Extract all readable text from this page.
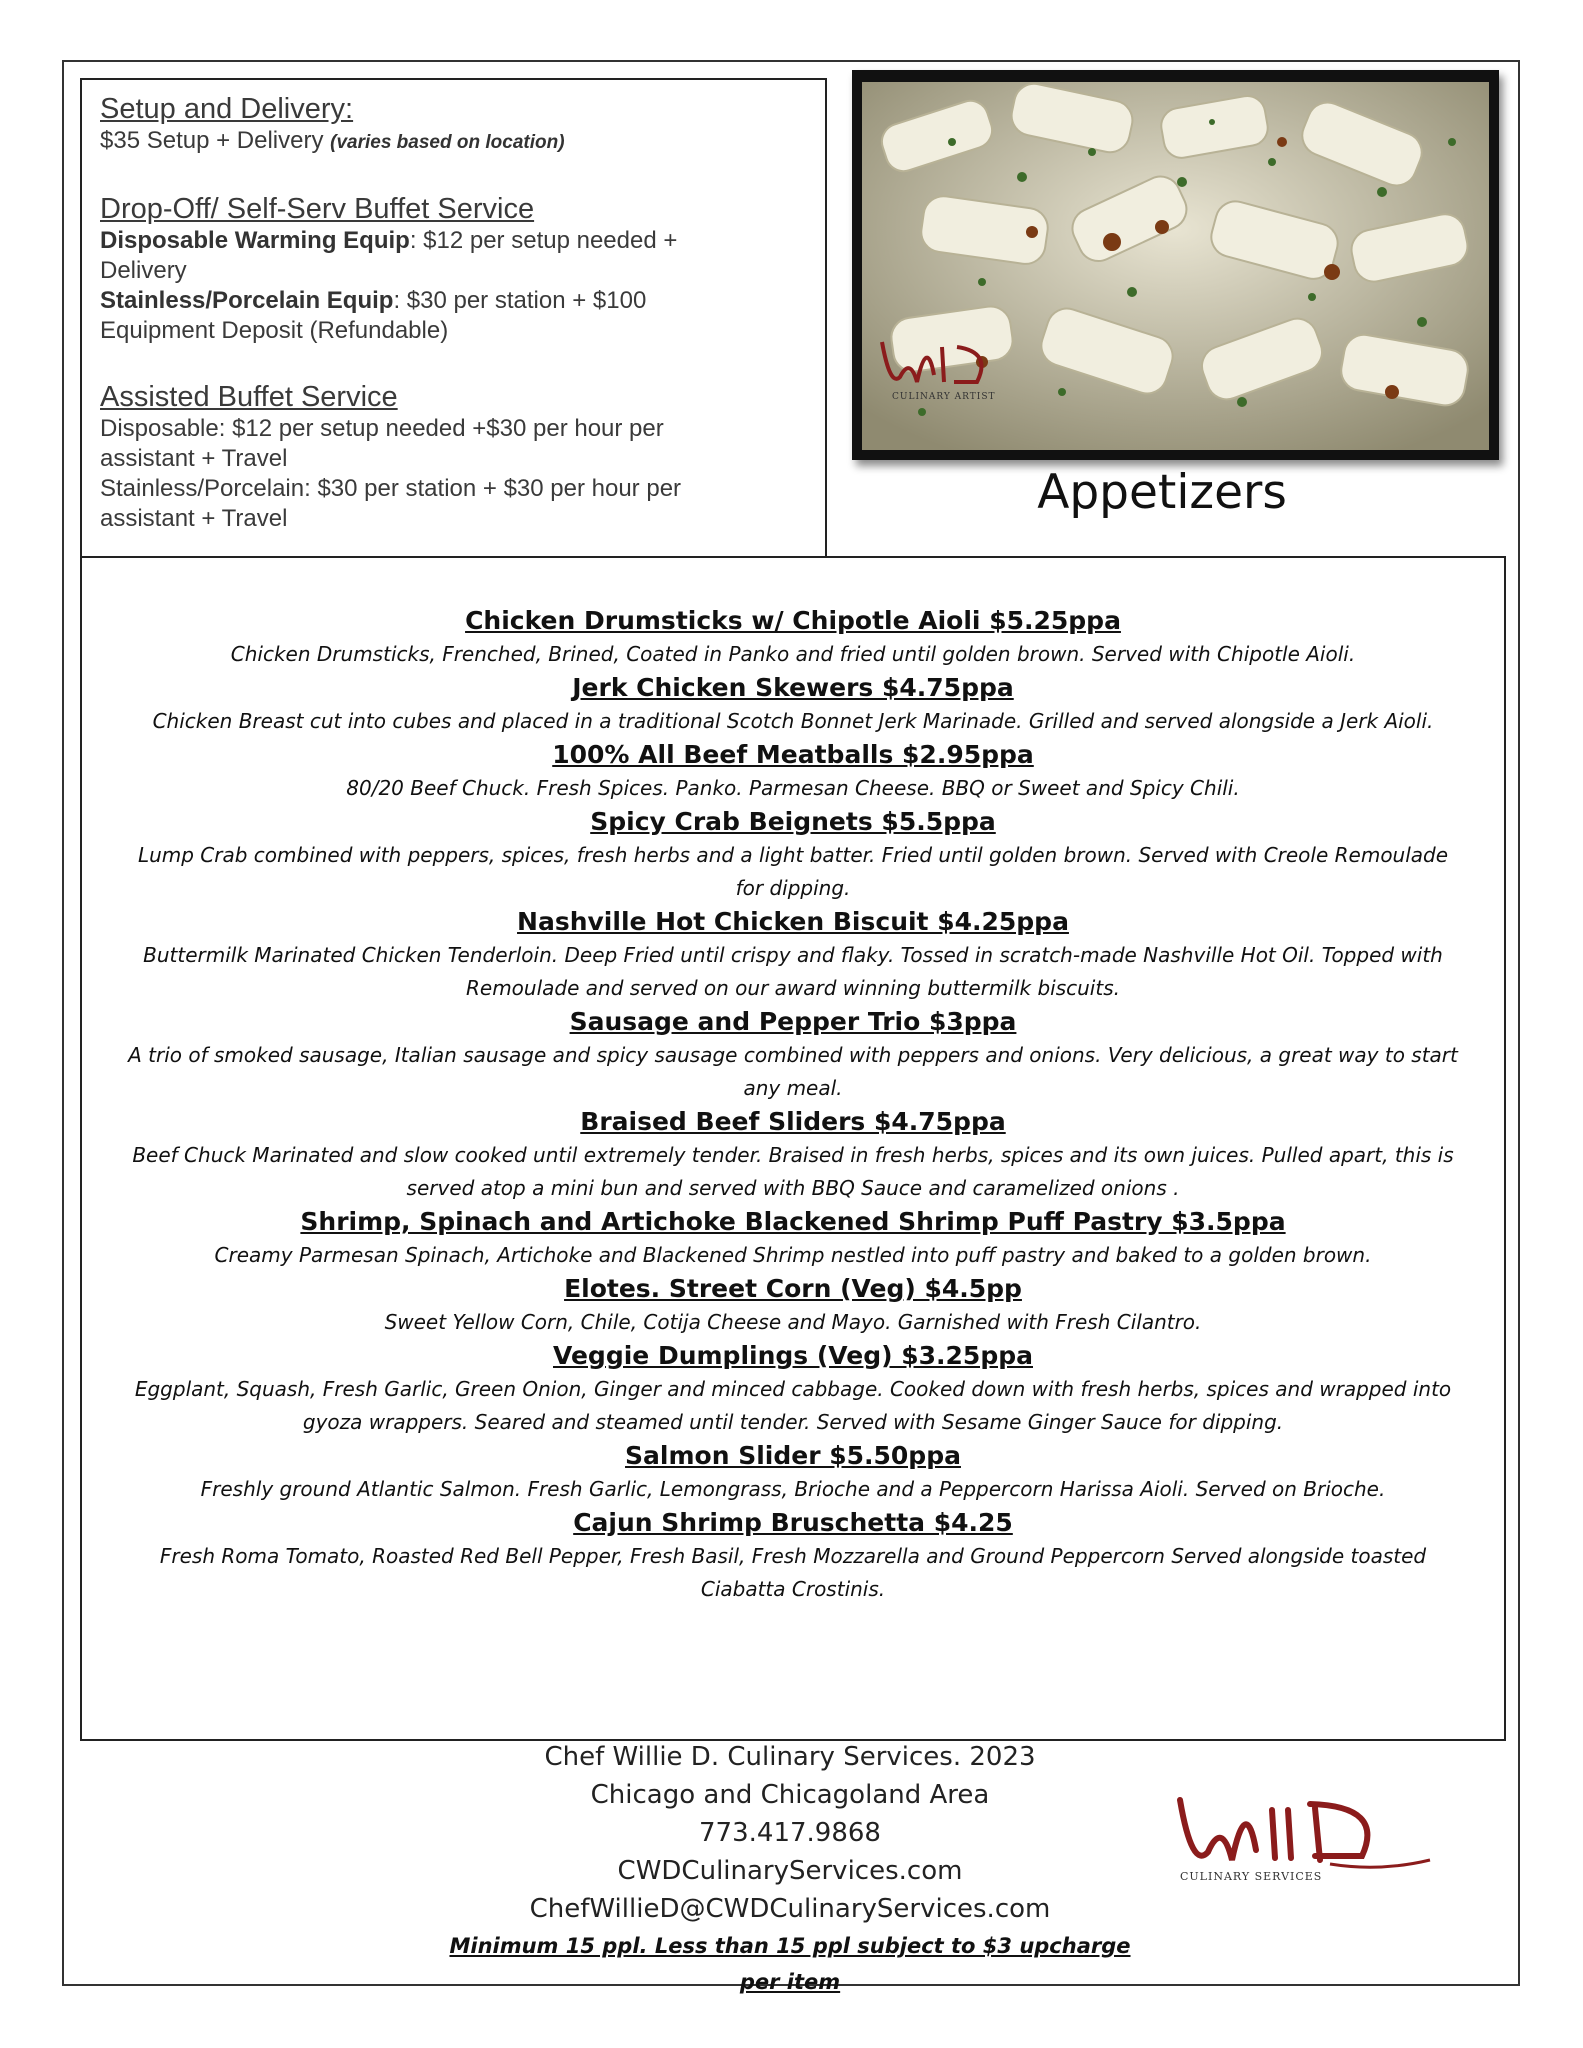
Setup and Delivery:
$35 Setup + Delivery (varies based on location)
Drop-Off/ Self-Serv Buffet Service
Disposable Warming Equip: $12 per setup needed +
Delivery
Stainless/Porcelain Equip: $30 per station + $100
Equipment Deposit (Refundable)
Assisted Buffet Service
Disposable: $12 per setup needed +$30 per hour per
assistant + Travel
Stainless/Porcelain: $30 per station + $30 per hour per
assistant + Travel
CULINARY ARTIST
Appetizers
Chicken Drumsticks w/ Chipotle Aioli $5.25ppa
Chicken Drumsticks, Frenched, Brined, Coated in Panko and fried until golden brown. Served with Chipotle Aioli.
Jerk Chicken Skewers $4.75ppa
Chicken Breast cut into cubes and placed in a traditional Scotch Bonnet Jerk Marinade. Grilled and served alongside a Jerk Aioli.
100% All Beef Meatballs $2.95ppa
80/20 Beef Chuck. Fresh Spices. Panko. Parmesan Cheese. BBQ or Sweet and Spicy Chili.
Spicy Crab Beignets $5.5ppa
Lump Crab combined with peppers, spices, fresh herbs and a light batter. Fried until golden brown. Served with Creole Remoulade
for dipping.
Nashville Hot Chicken Biscuit $4.25ppa
Buttermilk Marinated Chicken Tenderloin. Deep Fried until crispy and flaky. Tossed in scratch-made Nashville Hot Oil. Topped with
Remoulade and served on our award winning buttermilk biscuits.
Sausage and Pepper Trio $3ppa
A trio of smoked sausage, Italian sausage and spicy sausage combined with peppers and onions. Very delicious, a great way to start
any meal.
Braised Beef Sliders $4.75ppa
Beef Chuck Marinated and slow cooked until extremely tender. Braised in fresh herbs, spices and its own juices. Pulled apart, this is
served atop a mini bun and served with BBQ Sauce and caramelized onions .
Shrimp, Spinach and Artichoke Blackened Shrimp Puff Pastry $3.5ppa
Creamy Parmesan Spinach, Artichoke and Blackened Shrimp nestled into puff pastry and baked to a golden brown.
Elotes. Street Corn (Veg) $4.5pp
Sweet Yellow Corn, Chile, Cotija Cheese and Mayo. Garnished with Fresh Cilantro.
Veggie Dumplings (Veg) $3.25ppa
Eggplant, Squash, Fresh Garlic, Green Onion, Ginger and minced cabbage. Cooked down with fresh herbs, spices and wrapped into
gyoza wrappers. Seared and steamed until tender. Served with Sesame Ginger Sauce for dipping.
Salmon Slider $5.50ppa
Freshly ground Atlantic Salmon. Fresh Garlic, Lemongrass, Brioche and a Peppercorn Harissa Aioli. Served on Brioche.
Cajun Shrimp Bruschetta $4.25
Fresh Roma Tomato, Roasted Red Bell Pepper, Fresh Basil, Fresh Mozzarella and Ground Peppercorn Served alongside toasted
Ciabatta Crostinis.
Chef Willie D. Culinary Services. 2023
Chicago and Chicagoland Area
773.417.9868
CWDCulinaryServices.com
ChefWillieD@CWDCulinaryServices.com
Minimum 15 ppl. Less than 15 ppl subject to $3 upcharge per item
CULINARY SERVICES
